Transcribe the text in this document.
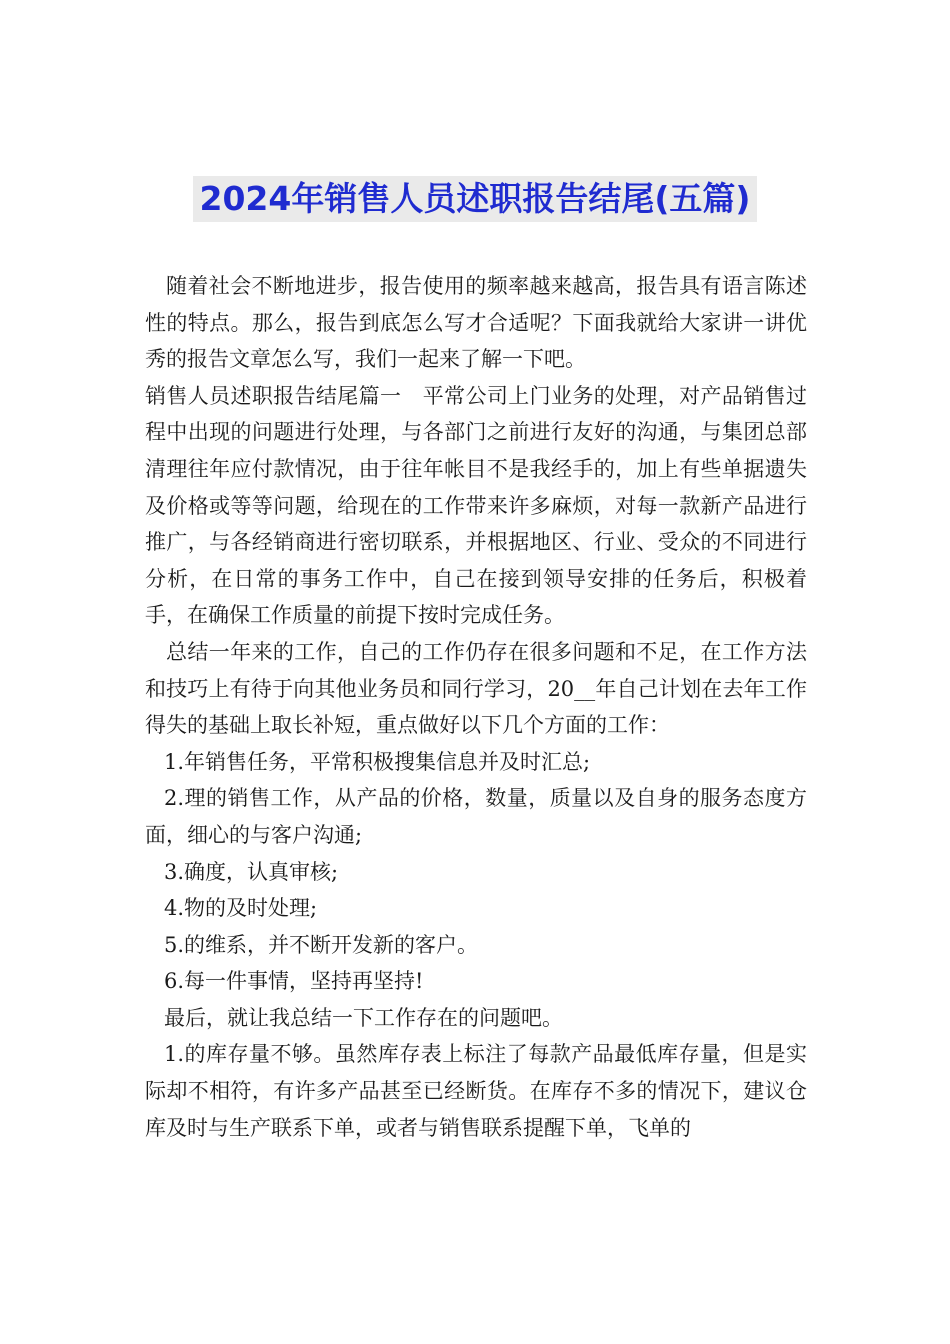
2024年销售人员述职报告结尾(五篇)

随着社会不断地进步，报告使用的频率越来越高，报告具有语言陈述性的特点。那么，报告到底怎么写才合适呢？下面我就给大家讲一讲优秀的报告文章怎么写，我们一起来了解一下吧。

销售人员述职报告结尾篇一　平常公司上门业务的处理，对产品销售过程中出现的问题进行处理，与各部门之前进行友好的沟通，与集团总部清理往年应付款情况，由于往年帐目不是我经手的，加上有些单据遗失及价格或等等问题，给现在的工作带来许多麻烦，对每一款新产品进行推广，与各经销商进行密切联系，并根据地区、行业、受众的不同进行分析，在日常的事务工作中，自己在接到领导安排的任务后，积极着手，在确保工作质量的前提下按时完成任务。

总结一年来的工作，自己的工作仍存在很多问题和不足，在工作方法和技巧上有待于向其他业务员和同行学习，20__年自己计划在去年工作得失的基础上取长补短，重点做好以下几个方面的工作：

1.年销售任务，平常积极搜集信息并及时汇总;

2.理的销售工作，从产品的价格，数量，质量以及自身的服务态度方面，细心的与客户沟通;

3.确度，认真审核;

4.物的及时处理;

5.的维系，并不断开发新的客户。

6.每一件事情，坚持再坚持!

最后，就让我总结一下工作存在的问题吧。

1.的库存量不够。虽然库存表上标注了每款产品最低库存量，但是实际却不相符，有许多产品甚至已经断货。在库存不多的情况下，建议仓库及时与生产联系下单，或者与销售联系提醒下单，飞单的
